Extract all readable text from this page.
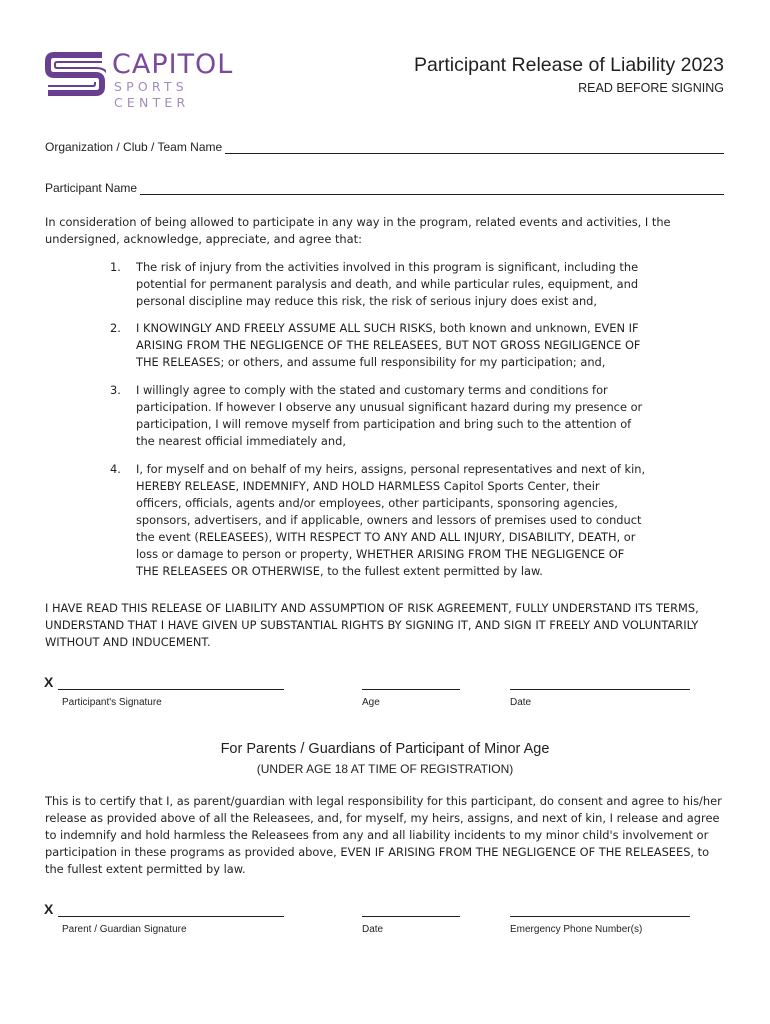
CAPITOL
SPORTS CENTER
Participant Release of Liability 2023
READ BEFORE SIGNING
Organization / Club / Team Name
Participant Name
In consideration of being allowed to participate in any way in the program, related events and activities, I the undersigned, acknowledge, appreciate, and agree that:
1.	The risk of injury from the activities involved in this program is significant, including the potential for permanent paralysis and death, and while particular rules, equipment, and personal discipline may reduce this risk, the risk of serious injury does exist and,
2.	I KNOWINGLY AND FREELY ASSUME ALL SUCH RISKS, both known and unknown, EVEN IF ARISING FROM THE NEGLIGENCE OF THE RELEASEES, BUT NOT GROSS NEGILIGENCE OF THE RELEASES; or others, and assume full responsibility for my participation; and,
3.	I willingly agree to comply with the stated and customary terms and conditions for participation. If however I observe any unusual significant hazard during my presence or participation, I will remove myself from participation and bring such to the attention of the nearest official immediately and,
4.	I, for myself and on behalf of my heirs, assigns, personal representatives and next of kin, HEREBY RELEASE, INDEMNIFY, AND HOLD HARMLESS Capitol Sports Center, their officers, officials, agents and/or employees, other participants, sponsoring agencies, sponsors, advertisers, and if applicable, owners and lessors of premises used to conduct the event (RELEASEES), WITH RESPECT TO ANY AND ALL INJURY, DISABILITY, DEATH, or loss or damage to person or property, WHETHER ARISING FROM THE NEGLIGENCE OF THE RELEASEES OR OTHERWISE, to the fullest extent permitted by law.
I HAVE READ THIS RELEASE OF LIABILITY AND ASSUMPTION OF RISK AGREEMENT, FULLY UNDERSTAND ITS TERMS, UNDERSTAND THAT I HAVE GIVEN UP SUBSTANTIAL RIGHTS BY SIGNING IT, AND SIGN IT FREELY AND VOLUNTARILY WITHOUT AND INDUCEMENT.
X
Participant's Signature	Age	Date
For Parents / Guardians of Participant of Minor Age
(UNDER AGE 18 AT TIME OF REGISTRATION)
This is to certify that I, as parent/guardian with legal responsibility for this participant, do consent and agree to his/her release as provided above of all the Releasees, and, for myself, my heirs, assigns, and next of kin, I release and agree to indemnify and hold harmless the Releasees from any and all liability incidents to my minor child's involvement or participation in these programs as provided above, EVEN IF ARISING FROM THE NEGLIGENCE OF THE RELEASEES, to the fullest extent permitted by law.
X
Parent / Guardian Signature	Date	Emergency Phone Number(s)
